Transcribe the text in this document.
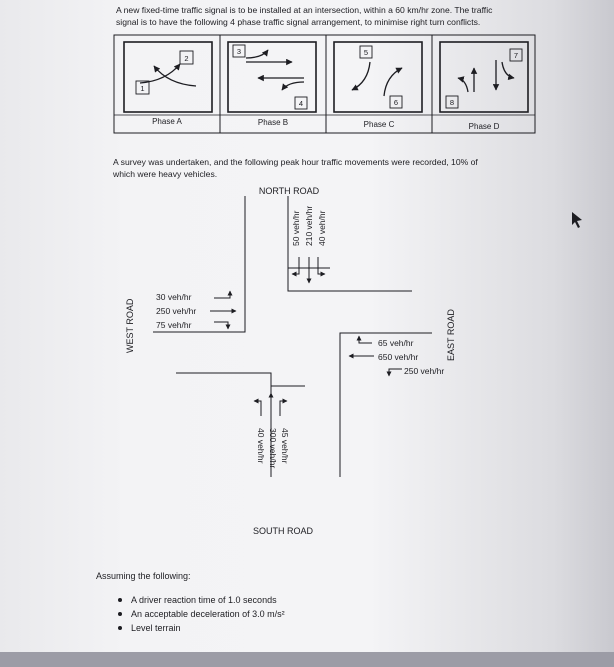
A new fixed-time traffic signal is to be installed at an intersection, within a 60 km/hr zone. The traffic
signal is to have the following 4 phase traffic signal arrangement, to minimise right turn conflicts.
1
2
3
4
5
6	8
7
Phase A	Phase B	Phase C	Phase D
NORTH ROAD
SOUTH ROAD
WEST ROAD	EAST ROAD
50 veh/hr 210 veh/hr 40 veh/hr
30 veh/hr
250 veh/hr
75 veh/hr
65 veh/hr
650 veh/hr
250 veh/hr
40 veh/hr 300 veh/hr 45 veh/hr
A survey was undertaken, and the following peak hour traffic movements were recorded, 10% of
which were heavy vehicles.
Assuming the following:
A driver reaction time of 1.0 seconds
An acceptable deceleration of 3.0 m/s²
Level terrain
